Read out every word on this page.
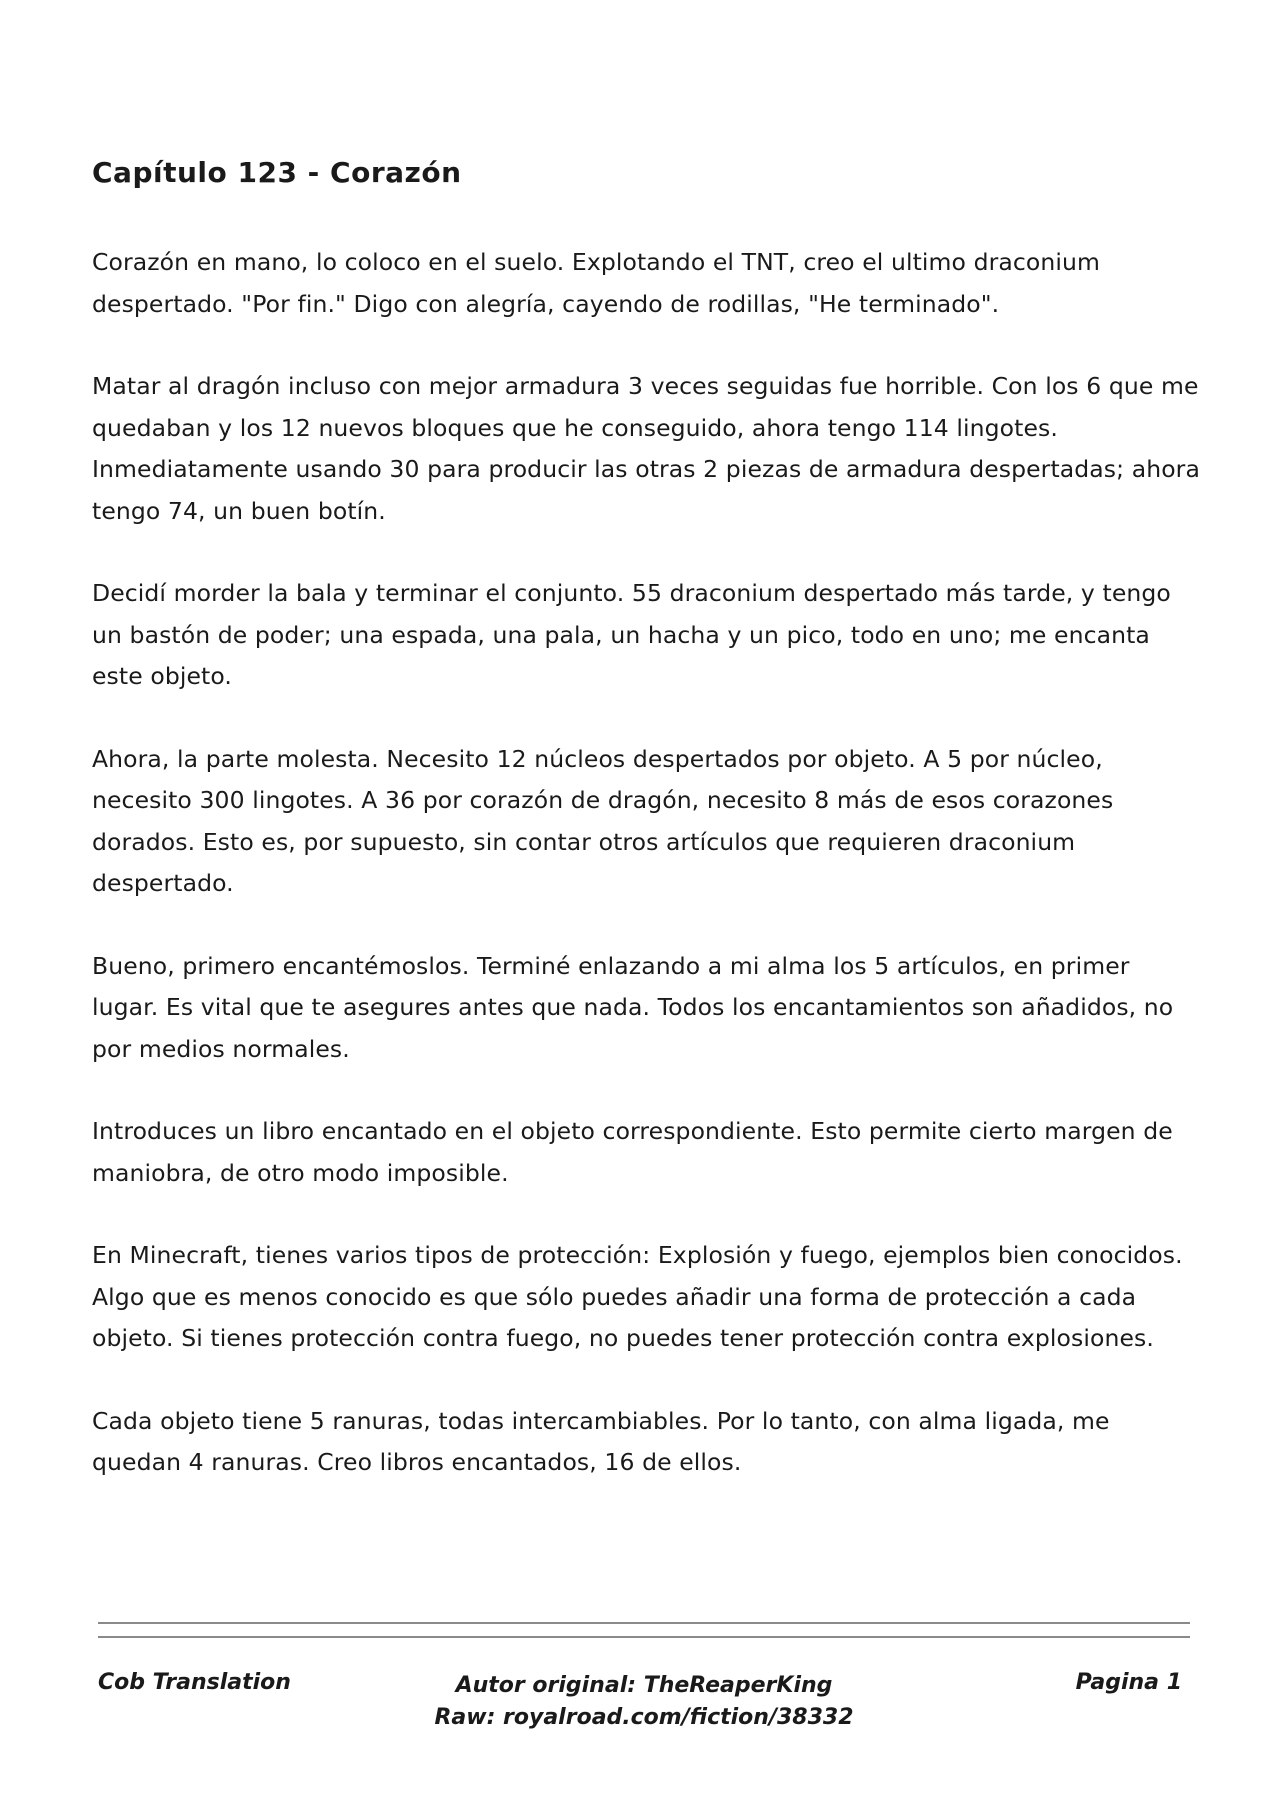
Capítulo 123 - Corazón

Corazón en mano, lo coloco en el suelo. Explotando el TNT, creo el ultimo draconium despertado. "Por fin." Digo con alegría, cayendo de rodillas, "He terminado".

Matar al dragón incluso con mejor armadura 3 veces seguidas fue horrible. Con los 6 que me quedaban y los 12 nuevos bloques que he conseguido, ahora tengo 114 lingotes. Inmediatamente usando 30 para producir las otras 2 piezas de armadura despertadas; ahora tengo 74, un buen botín.

Decidí morder la bala y terminar el conjunto. 55 draconium despertado más tarde, y tengo un bastón de poder; una espada, una pala, un hacha y un pico, todo en uno; me encanta este objeto.

Ahora, la parte molesta. Necesito 12 núcleos despertados por objeto. A 5 por núcleo, necesito 300 lingotes. A 36 por corazón de dragón, necesito 8 más de esos corazones dorados. Esto es, por supuesto, sin contar otros artículos que requieren draconium despertado.

Bueno, primero encantémoslos. Terminé enlazando a mi alma los 5 artículos, en primer lugar. Es vital que te asegures antes que nada. Todos los encantamientos son añadidos, no por medios normales.

Introduces un libro encantado en el objeto correspondiente. Esto permite cierto margen de maniobra, de otro modo imposible.

En Minecraft, tienes varios tipos de protección: Explosión y fuego, ejemplos bien conocidos. Algo que es menos conocido es que sólo puedes añadir una forma de protección a cada objeto. Si tienes protección contra fuego, no puedes tener protección contra explosiones.

Cada objeto tiene 5 ranuras, todas intercambiables. Por lo tanto, con alma ligada, me quedan 4 ranuras. Creo libros encantados, 16 de ellos.

Cob Translation	Autor original: TheReaperKing
Raw: royalroad.com/fiction/38332
Pagina 1
